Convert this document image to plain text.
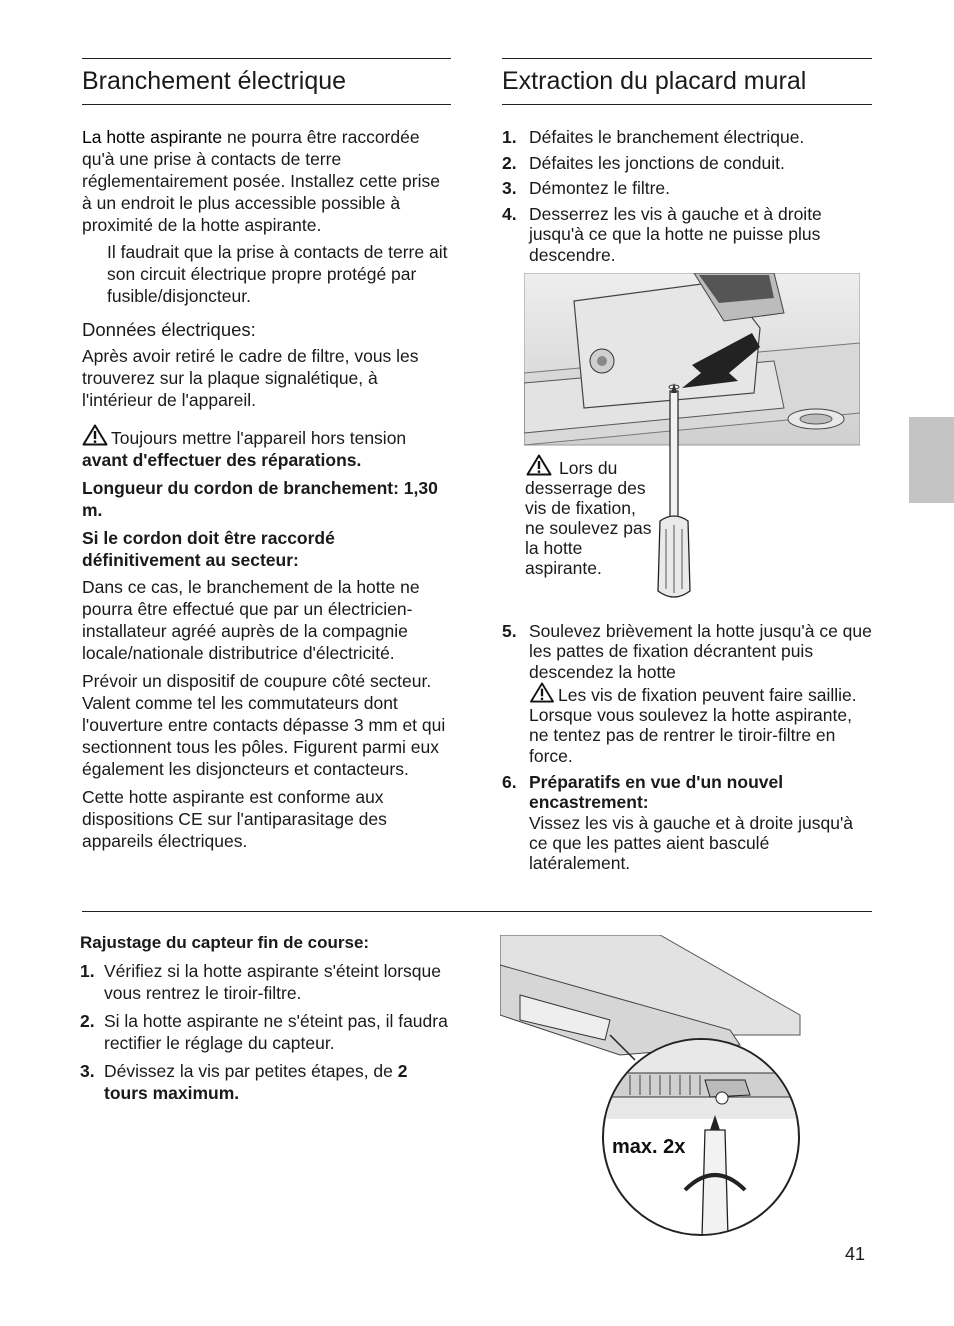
Branchement électrique

La hotte aspirante ne pourra être raccordée qu'à une prise à contacts de terre réglementairement posée. Installez cette prise à un endroit le plus accessible possible à proximité de la hotte aspirante.

Il faudrait que la prise à contacts de terre ait son circuit électrique propre protégé par fusible/disjoncteur.

Données électriques:

Après avoir retiré le cadre de filtre, vous les trouverez sur la plaque signalétique, à l'intérieur de l'appareil.

Toujours mettre l'appareil hors tension
avant d'effectuer des réparations.

Longueur du cordon de branchement: 1,30 m.

Si le cordon doit être raccordé définitivement au secteur:

Dans ce cas, le branchement de la hotte ne pourra être effectué que par un électricien-installateur agréé auprès de la compagnie locale/nationale distributrice d'électricité.

Prévoir un dispositif de coupure côté secteur. Valent comme tel les commutateurs dont l'ouverture entre contacts dépasse 3 mm et qui sectionnent tous les pôles. Figurent parmi eux également les disjoncteurs et contacteurs.

Cette hotte aspirante est conforme aux dispositions CE sur l'antiparasitage des appareils électriques.

Extraction du placard mural
1. Défaites le branchement électrique.
2. Défaites les jonctions de conduit.
3. Démontez le filtre.
4. Desserrez les vis à gauche et à droite jusqu'à ce que la hotte ne puisse plus descendre.
Lors du desserrage des vis de fixation, ne soulevez pas la hotte aspirante.
5. Soulevez brièvement la hotte jusqu'à ce que les pattes de fixation décrantent puis descendez la hotte
Les vis de fixation peuvent faire saillie. Lorsque vous soulevez la hotte aspirante, ne tentez pas de rentrer le tiroir-filtre en force.
6. Préparatifs en vue d'un nouvel encastrement:
Vissez les vis à gauche et à droite jusqu'à ce que les pattes aient basculé latéralement.

Rajustage du capteur fin de course:

1. Vérifiez si la hotte aspirante s'éteint lorsque vous rentrez le tiroir-filtre.
2. Si la hotte aspirante ne s'éteint pas, il faudra rectifier le réglage du capteur.
3. Dévissez la vis par petites étapes, de 2 tours maximum.
max. 2x
41
